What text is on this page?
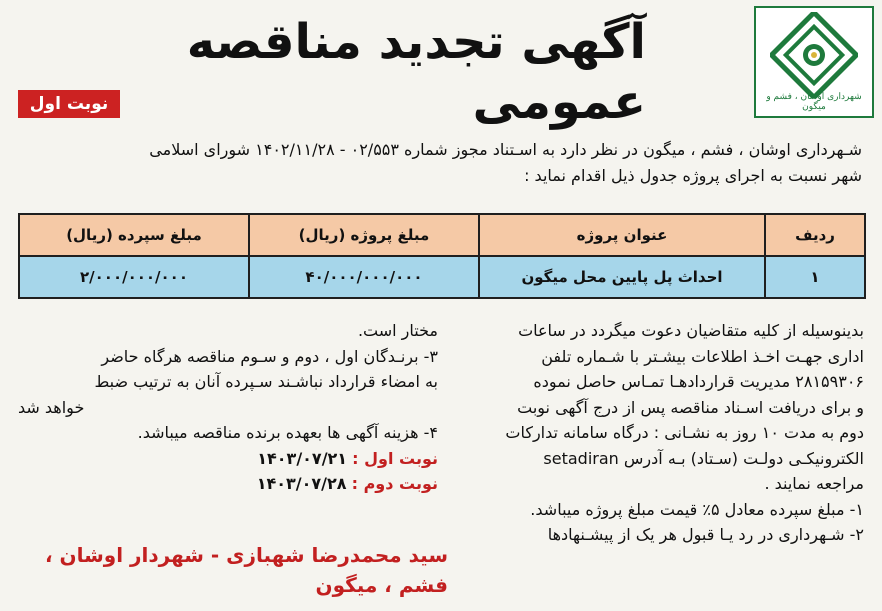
شهرداری اوشان ، فشم و میگون
آگهی تجدید مناقصه عمومی
نوبت اول
شـهرداری اوشان ، فشم ، میگون در نظر دارد به اسـتناد مجوز شماره ۰۲/۵۵۳ - ۱۴۰۲/۱۱/۲۸ شورای اسلامی
شهر نسبت به اجرای پروژه جدول ذیل اقدام نماید :
ردیف	عنوان پروژه	مبلغ پروژه (ریال)	مبلغ سپرده (ریال)
۱	احداث پل پایین محل میگون	۴۰/۰۰۰/۰۰۰/۰۰۰	۲/۰۰۰/۰۰۰/۰۰۰
بدینوسیله از کلیه متقاضیان دعوت میگردد در ساعات
اداری جهـت اخـذ اطلاعات بیشـتر با شـماره تلفن
۲۸۱۵۹۳۰۶ مدیریت قراردادهـا تمـاس حاصل نموده
و برای دریافت اسـناد مناقصه پس از درج آگهی نوبت
دوم به مدت ۱۰ روز به نشـانی : درگاه سامانه تدارکات
الکترونیکـی دولـت (سـتاد) بـه آدرس setadiran
مراجعه نمایند .
۱- مبلغ سپرده معادل ۵٪ قیمت مبلغ پروژه میباشد.
۲- شـهرداری در رد یـا قبول هر یک از پیشـنهادها
مختار است.
۳- برنـدگان اول ، دوم و سـوم مناقصه هرگاه حاضر
به امضاء قرارداد نباشـند سـپرده آنان به ترتیب ضبط
خواهد شد
۴- هزینه آگهی ها بعهده برنده مناقصه میباشد.
نوبت اول : ۱۴۰۳/۰۷/۲۱
نوبت دوم : ۱۴۰۳/۰۷/۲۸
سید محمدرضا شهبازی - شهردار اوشان ،
فشم ، میگون
